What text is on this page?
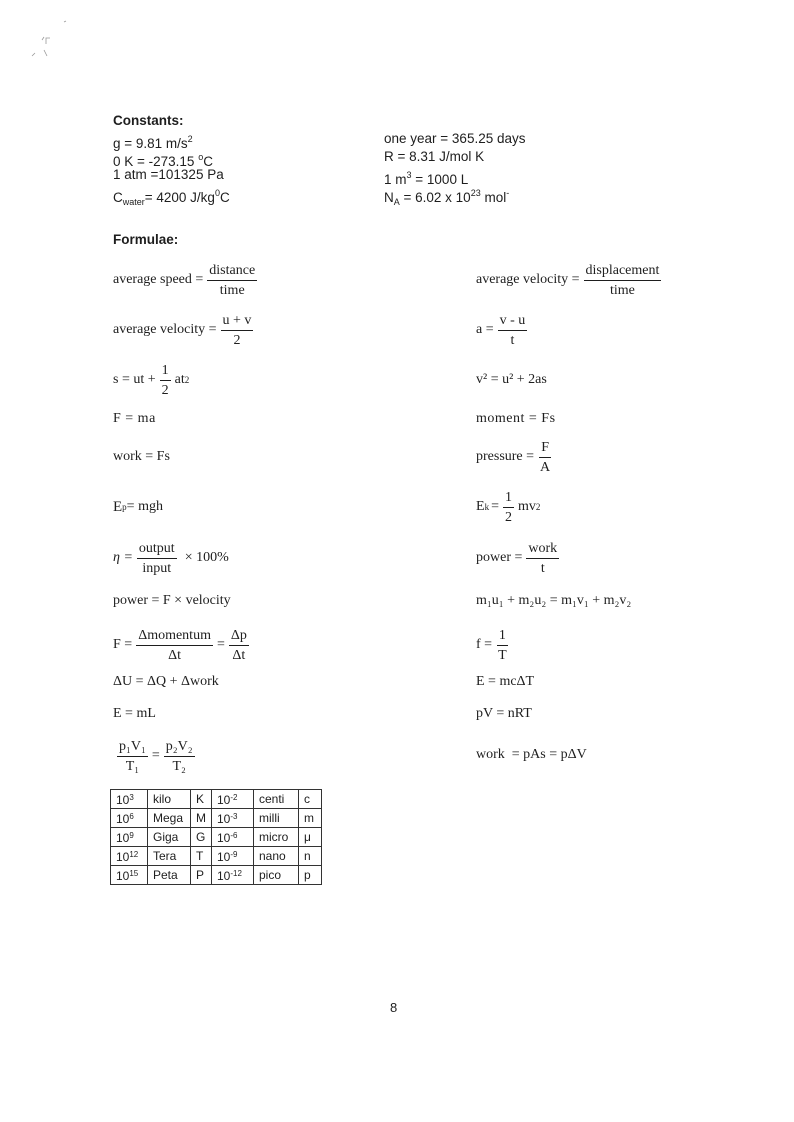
Constants:
g = 9.81 $m/s^2$
0 K = -273.15 $^o$C
1 atm =101325 Pa
$C_{water}= 4200$ $J/kg^0C$
one year = 365.25 days
R = 8.31 J/mol K
1 $m^3 = 1000$ L
$N_A = 6.02$ x $10^{23}$ mol-
Formulae:
average speed = $\frac{\text{distance}}{\text{time}}$	average velocity = $\frac{\text{displacement}}{\text{time}}$
average velocity = $\frac{u + v}{2}$	$a = \frac{v - u}{t}$
s = ut + $\frac{1}{2}$ at 2	v² = u² + 2as
F = ma	moment = Fs
work = Fs	pressure = $\frac{F}{A}$
E p = mgh	E $k = \frac{1}{2}$ mv 2
$\eta = \frac{\text{output}}{\text{input}} \times 100\%$	power = $\frac{\text{work}}{t}$
power = F × velocity	m₁u₁ + m₂u₂ = m₁v₁ + m₂v₂
$F = \frac{\text{Δmomentum}}{\Delta t} = \frac{\Delta p}{\Delta t}$	$f = \frac{1}{T}$
ΔU = ΔQ + Δwork	E = mcΔT
E = mL	pV = nRT
$\frac{\text{p₁V₁}}{\text{T₁}} = \frac{\text{p₂V₂}}{\text{T₂}}$	work  = pAs = pΔV
$10^3$	kilo	K	$10^{-2}$	centi	c
$10^6$	Mega	M	$10^{-3}$	milli	m
$10^9$	Giga	G	$10^{-6}$	micro	μ
$10^{12}$	Tera	T	$10^{-9}$	nano	n
$10^{15}$	Peta	P	$10^{-12}$	pico	p
8
